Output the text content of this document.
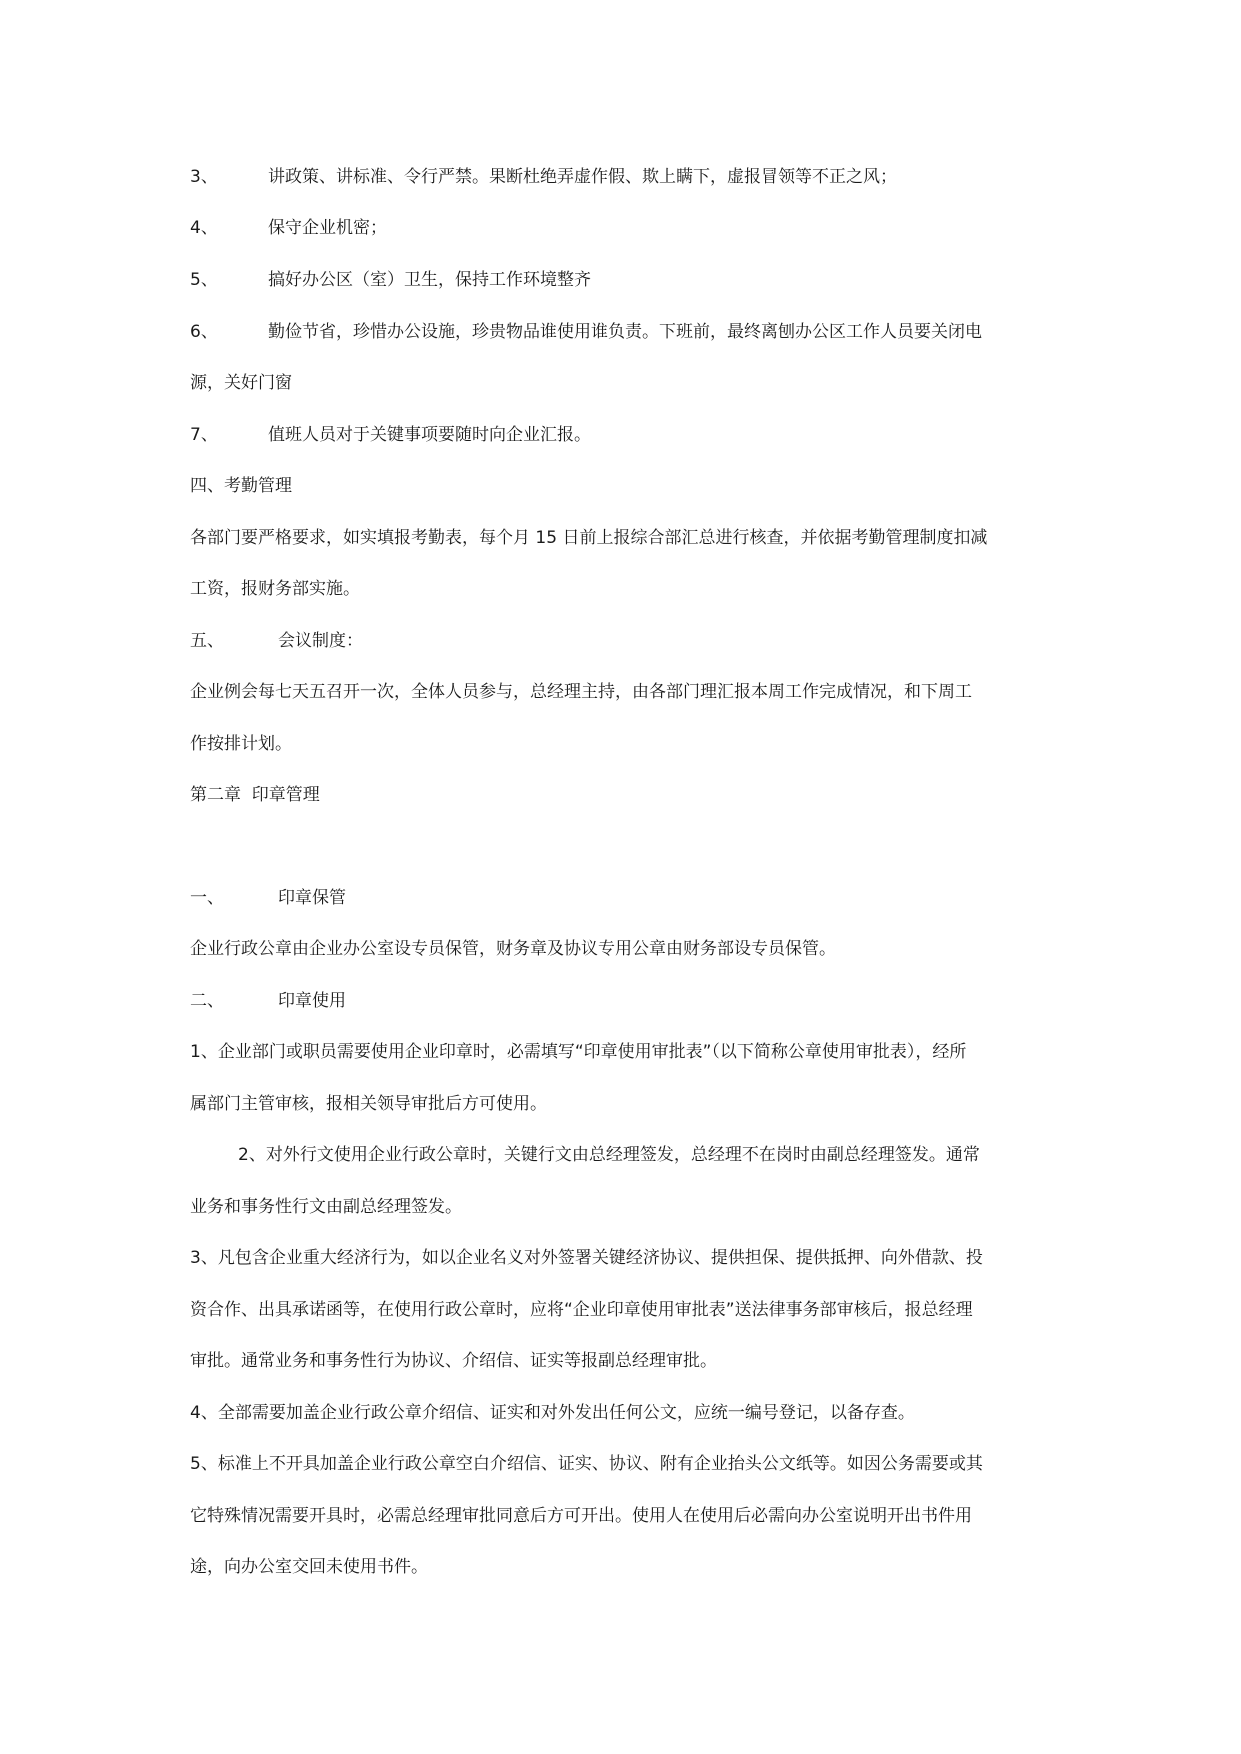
3、	讲政策、讲标准、令行严禁。果断杜绝弄虚作假、欺上瞒下，虚报冒领等不正之风；
4、	保守企业机密；
5、	搞好办公区（室）卫生，保持工作环境整齐
6、	勤俭节省，珍惜办公设施，珍贵物品谁使用谁负责。下班前，最终离刨办公区工作人员要关闭电
源，关好门窗
7、	值班人员对于关键事项要随时向企业汇报。
四、考勤管理
各部门要严格要求，如实填报考勤表，每个月 15 日前上报综合部汇总进行核查，并依据考勤管理制度扣减
工资，报财务部实施。
五、	会议制度：
企业例会每七天五召开一次，全体人员参与，总经理主持，由各部门理汇报本周工作完成情况，和下周工
作按排计划。
第二章  印章管理
一、	印章保管
企业行政公章由企业办公室设专员保管，财务章及协议专用公章由财务部设专员保管。
二、	印章使用
1、企业部门或职员需要使用企业印章时，必需填写“印章使用审批表”（以下简称公章使用审批表），经所
属部门主管审核，报相关领导审批后方可使用。
2、对外行文使用企业行政公章时，关键行文由总经理签发，总经理不在岗时由副总经理签发。通常
业务和事务性行文由副总经理签发。
3、凡包含企业重大经济行为，如以企业名义对外签署关键经济协议、提供担保、提供抵押、向外借款、投
资合作、出具承诺函等，在使用行政公章时，应将“企业印章使用审批表”送法律事务部审核后，报总经理
审批。通常业务和事务性行为协议、介绍信、证实等报副总经理审批。
4、全部需要加盖企业行政公章介绍信、证实和对外发出任何公文，应统一编号登记，以备存查。
5、标准上不开具加盖企业行政公章空白介绍信、证实、协议、附有企业抬头公文纸等。如因公务需要或其
它特殊情况需要开具时，必需总经理审批同意后方可开出。使用人在使用后必需向办公室说明开出书件用
途，向办公室交回未使用书件。
